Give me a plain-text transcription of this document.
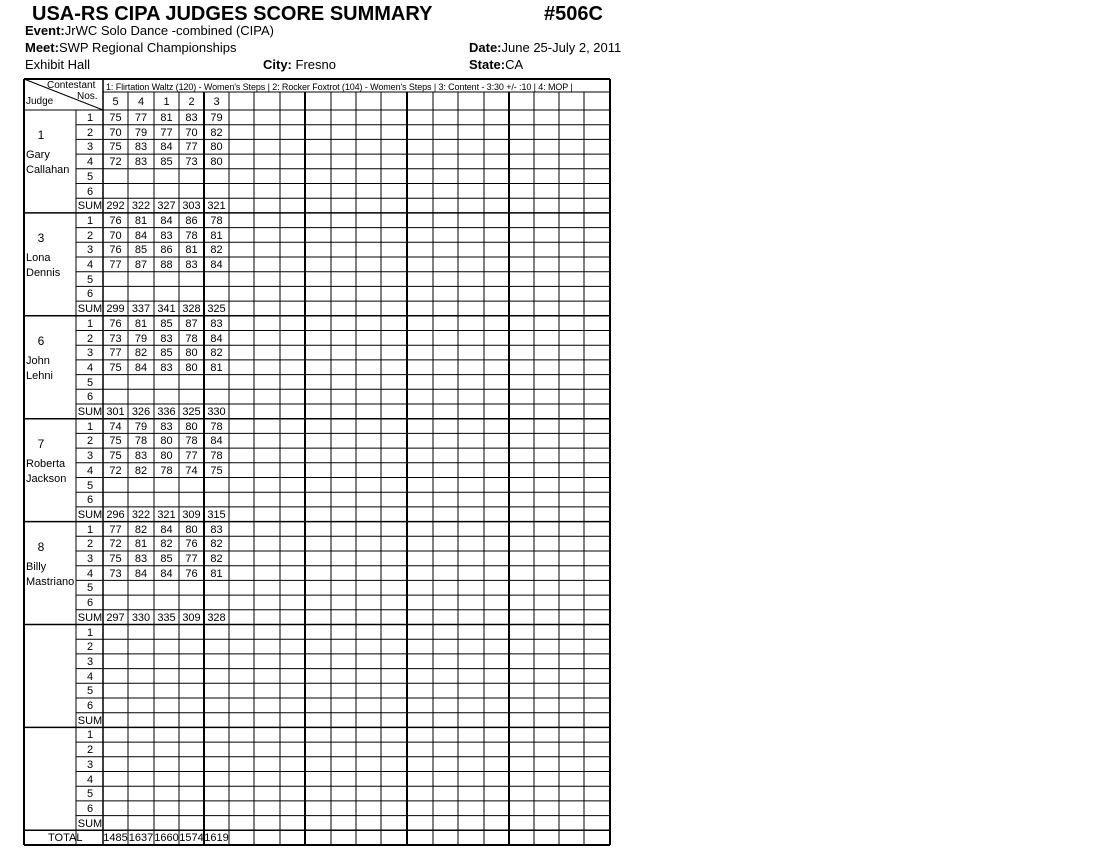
USA-RS CIPA JUDGES SCORE SUMMARY	#506C
Event:JrWC Solo Dance -combined (CIPA)
Meet:SWP Regional Championships	Date:June 25-July 2, 2011
Exhibit Hall	City: Fresno	State:CA
Contestant
Nos.
Judge
1: Flirtation Waltz (120) - Women's Steps | 2: Rocker Foxtrot (104) - Women's Steps | 3: Content - 3:30 +/- :10 | 4: MOP |
5	4	1	2	3
1
Gary
Callahan
1	75	77	81	83	79
2	70	79	77	70	82
3	75	83	84	77	80
4	72	83	85	73	80
5
6
SUM 292 322 327 303 321
3
Lona
Dennis
1	76	81	84	86	78
2	70	84	83	78	81
3	76	85	86	81	82
4	77	87	88	83	84
5
6
SUM 299 337 341 328 325
6
John
Lehni
1	76	81	85	87	83
2	73	79	83	78	84
3	77	82	85	80	82
4	75	84	83	80	81
5
6
SUM 301 326 336 325 330
7
Roberta
Jackson
1	74	79	83	80	78
2	75	78	80	78	84
3	75	83	80	77	78
4	72	82	78	74	75
5
6
SUM 296 322 321 309 315
8
Billy
Mastriano
1	77	82	84	80	83
2	72	81	82	76	82
3	75	83	85	77	82
4	73	84	84	76	81
5
6
SUM 297 330 335 309 328
1
2
3
4
5
6
SUM
1
2
3
4
5
6
SUM
TOTAL	1485 1637 1660 1574 1619
